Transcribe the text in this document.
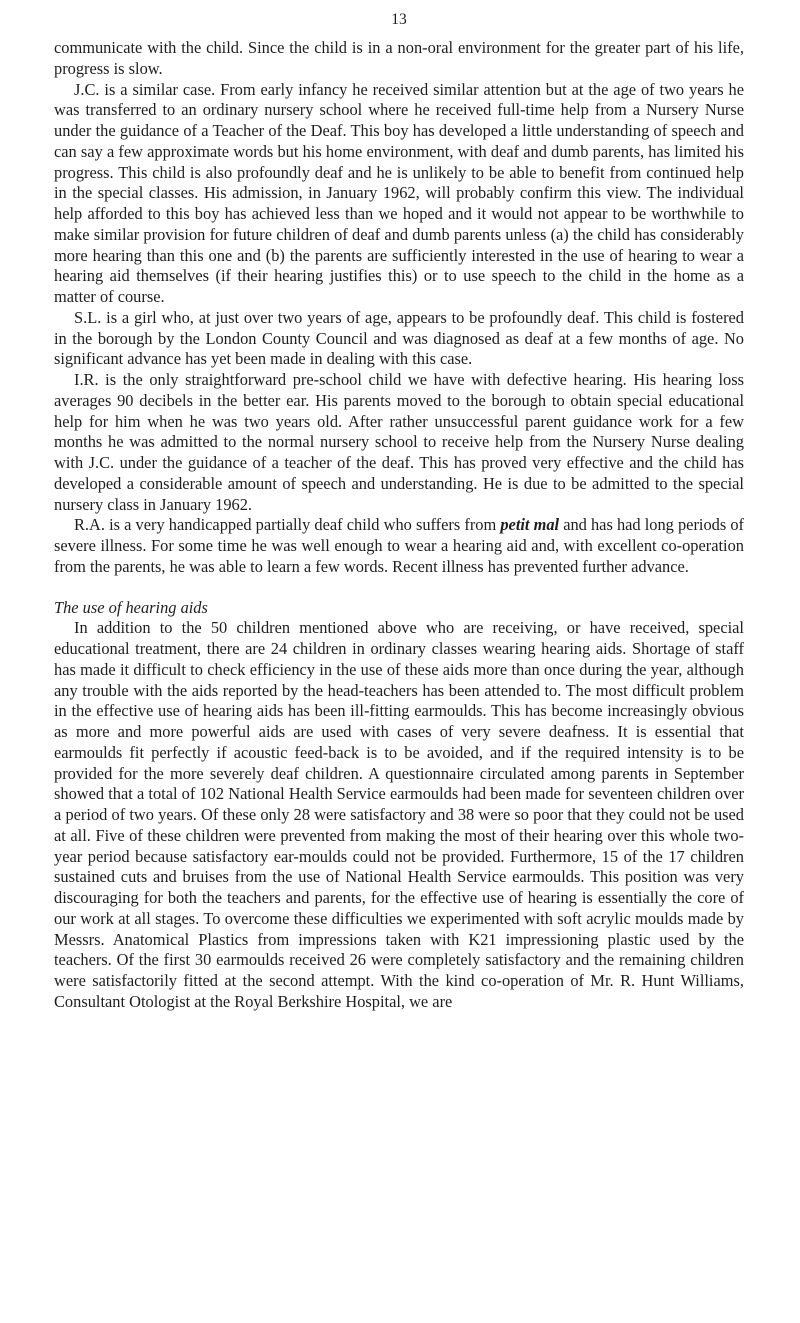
13

communicate with the child. Since the child is in a non-oral environment for the greater part of his life, progress is slow.

J.C. is a similar case. From early infancy he received similar attention but at the age of two years he was transferred to an ordinary nursery school where he received full-time help from a Nursery Nurse under the guidance of a Teacher of the Deaf. This boy has developed a little understanding of speech and can say a few approximate words but his home environment, with deaf and dumb parents, has limited his progress. This child is also profoundly deaf and he is unlikely to be able to benefit from continued help in the special classes. His admission, in January 1962, will probably confirm this view. The individual help afforded to this boy has achieved less than we hoped and it would not appear to be worthwhile to make similar provision for future children of deaf and dumb parents unless (a) the child has considerably more hearing than this one and (b) the parents are sufficiently interested in the use of hearing to wear a hearing aid themselves (if their hearing justifies this) or to use speech to the child in the home as a matter of course.

S.L. is a girl who, at just over two years of age, appears to be profoundly deaf. This child is fostered in the borough by the London County Council and was diagnosed as deaf at a few months of age. No significant advance has yet been made in dealing with this case.

I.R. is the only straightforward pre-school child we have with defective hearing. His hearing loss averages 90 decibels in the better ear. His parents moved to the borough to obtain special educational help for him when he was two years old. After rather unsuccessful parent guidance work for a few months he was admitted to the normal nursery school to receive help from the Nursery Nurse dealing with J.C. under the guidance of a teacher of the deaf. This has proved very effective and the child has developed a considerable amount of speech and understanding. He is due to be admitted to the special nursery class in January 1962.

R.A. is a very handicapped partially deaf child who suffers from petit mal and has had long periods of severe illness. For some time he was well enough to wear a hearing aid and, with excellent co-operation from the parents, he was able to learn a few words. Recent illness has prevented further advance.

The use of hearing aids

In addition to the 50 children mentioned above who are receiving, or have received, special educational treatment, there are 24 children in ordinary classes wearing hearing aids. Shortage of staff has made it difficult to check efficiency in the use of these aids more than once during the year, although any trouble with the aids reported by the head-teachers has been attended to. The most difficult problem in the effective use of hearing aids has been ill-fitting earmoulds. This has become increasingly obvious as more and more powerful aids are used with cases of very severe deafness. It is essential that earmoulds fit perfectly if acoustic feed-back is to be avoided, and if the required intensity is to be provided for the more severely deaf children. A questionnaire circulated among parents in September showed that a total of 102 National Health Service earmoulds had been made for seventeen children over a period of two years. Of these only 28 were satisfactory and 38 were so poor that they could not be used at all. Five of these children were prevented from making the most of their hearing over this whole two-year period because satisfactory ear-moulds could not be provided. Furthermore, 15 of the 17 children sustained cuts and bruises from the use of National Health Service earmoulds. This position was very discouraging for both the teachers and parents, for the effective use of hearing is essentially the core of our work at all stages. To overcome these difficulties we experimented with soft acrylic moulds made by Messrs. Anatomical Plastics from impressions taken with K21 impressioning plastic used by the teachers. Of the first 30 earmoulds received 26 were completely satisfactory and the remaining children were satisfactorily fitted at the second attempt. With the kind co-operation of Mr. R. Hunt Williams, Consultant Otologist at the Royal Berkshire Hospital, we are
